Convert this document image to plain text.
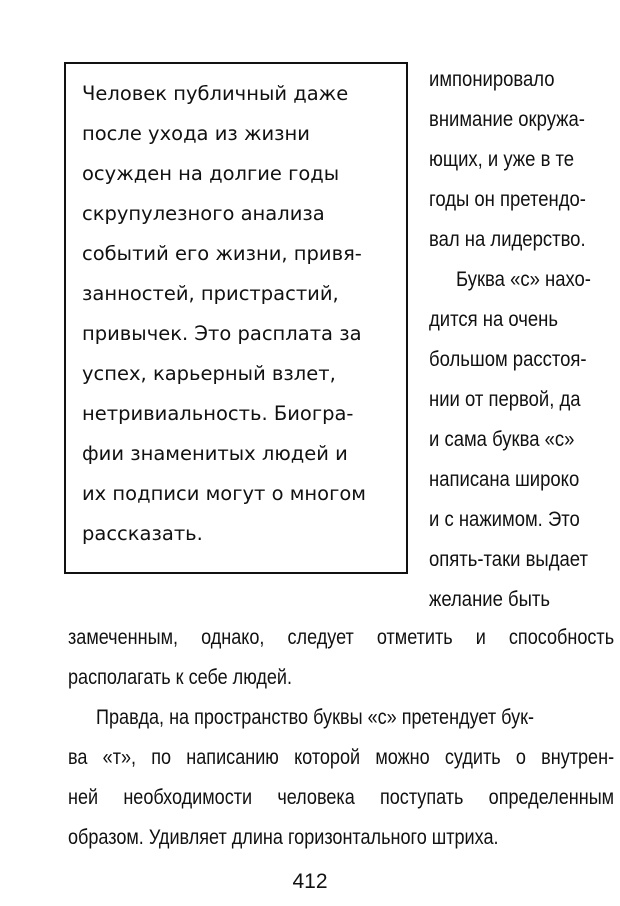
Человек публичный даже
после ухода из жизни
осужден на долгие годы
скрупулезного анализа
событий его жизни, привя-
занностей, пристрастий,
привычек. Это расплата за
успех, карьерный взлет,
нетривиальность. Биогра-
фии знаменитых людей и
их подписи могут о многом
рассказать.
импонировало
внимание окружа-
ющих, и уже в те
годы он претендо-
вал на лидерство.
Буква «с» нахо-
дится на очень
большом расстоя-
нии от первой, да
и сама буква «с»
написана широко
и с нажимом. Это
опять-таки выдает
желание быть
замеченным, однако, следует отметить и способность
располагать к себе людей.
Правда, на пространство буквы «с» претендует бук-
ва «т», по написанию которой можно судить о внутрен-
ней необходимости человека поступать определенным
образом. Удивляет длина горизонтального штриха.
412
